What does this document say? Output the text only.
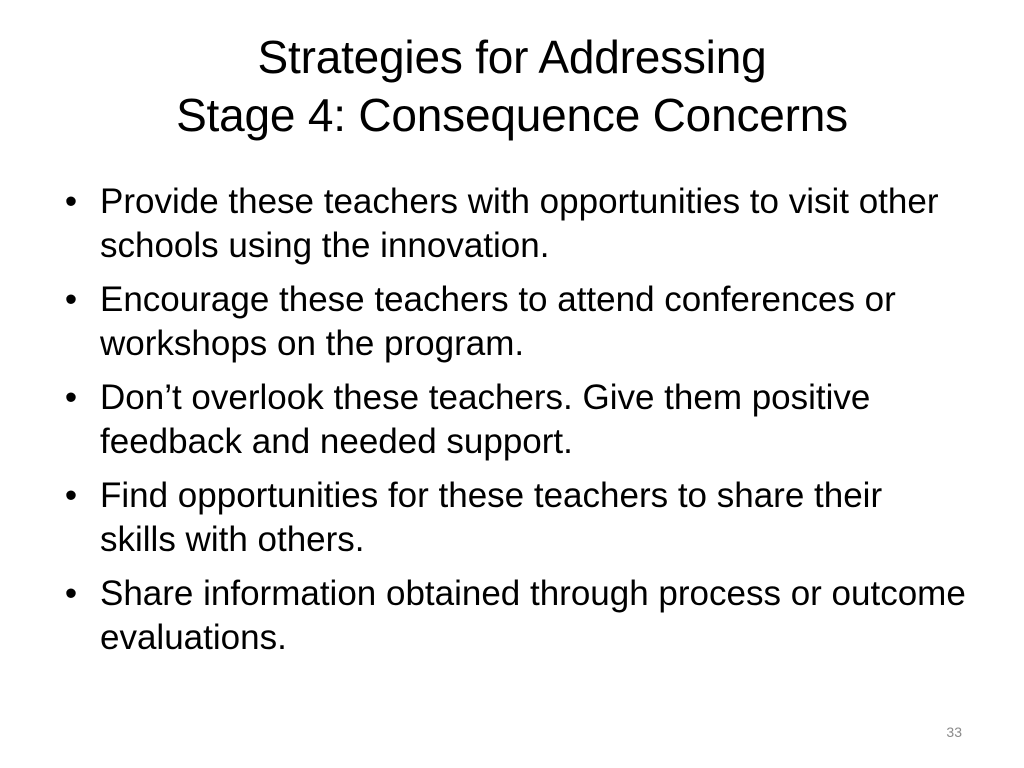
Strategies for Addressing
Stage 4: Consequence Concerns
• Provide these teachers with opportunities to visit other schools using the innovation.
• Encourage these teachers to attend conferences or workshops on the program.
• Don’t overlook these teachers. Give them positive feedback and needed support.
• Find opportunities for these teachers to share their skills with others.
• Share information obtained through process or outcome evaluations.
33
